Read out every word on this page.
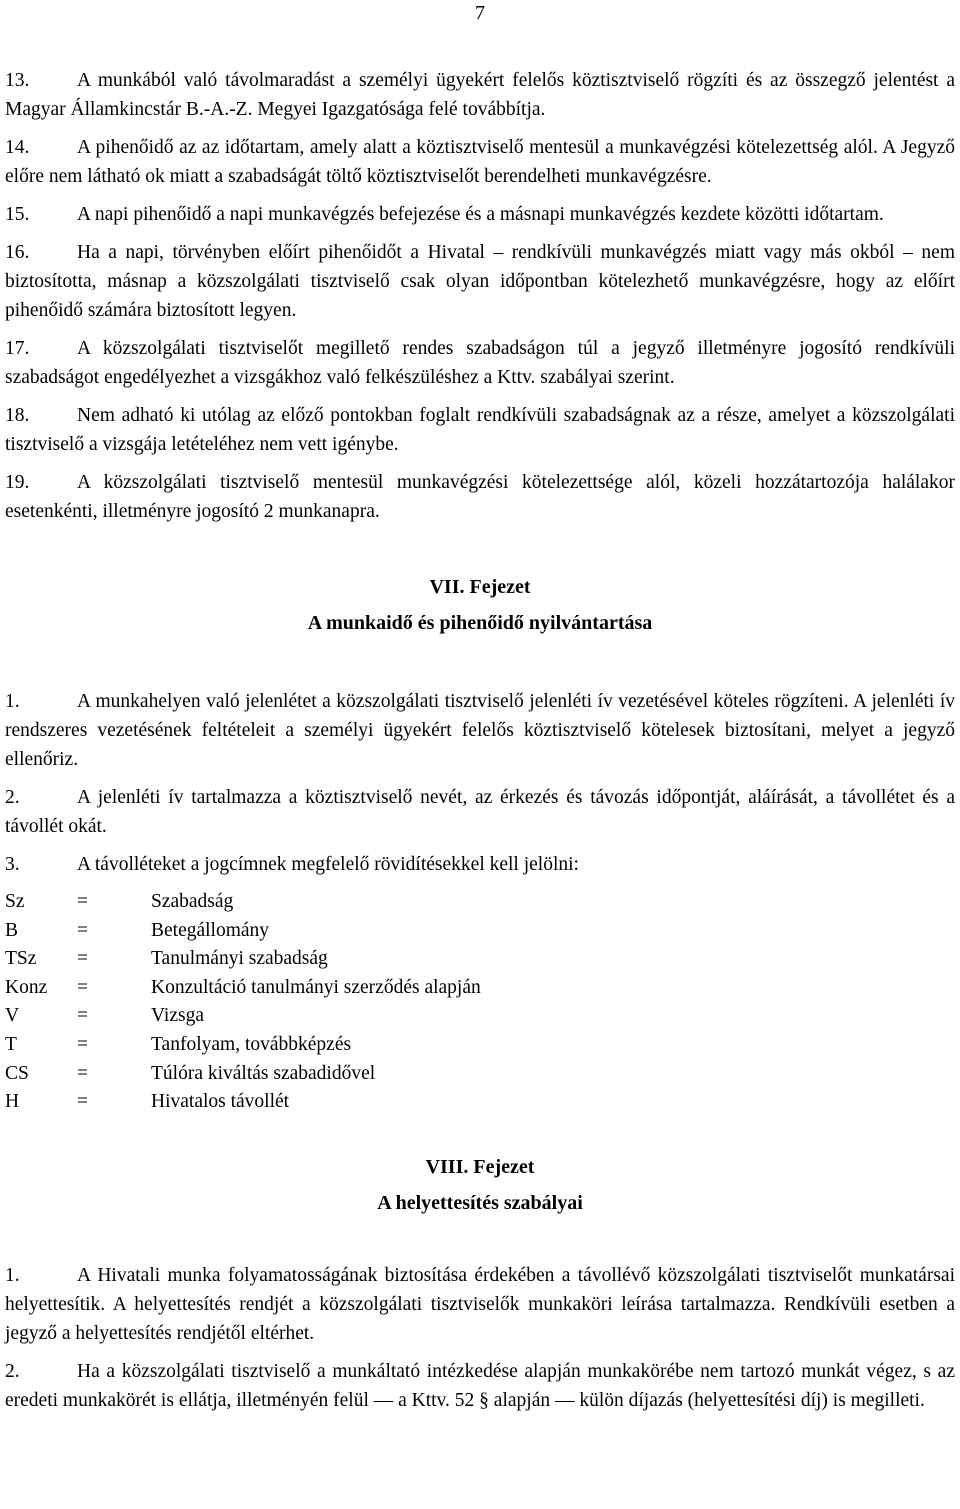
7

13. A munkából való távolmaradást a személyi ügyekért felelős köztisztviselő rögzíti és az összegző jelentést a Magyar Államkincstár B.-A.-Z. Megyei Igazgatósága felé továbbítja.

14. A pihenőidő az az időtartam, amely alatt a köztisztviselő mentesül a munkavégzési kötelezettség alól. A Jegyző előre nem látható ok miatt a szabadságát töltő köztisztviselőt berendelheti munkavégzésre.

15. A napi pihenőidő a napi munkavégzés befejezése és a másnapi munkavégzés kezdete közötti időtartam.

16. Ha a napi, törvényben előírt pihenőidőt a Hivatal – rendkívüli munkavégzés miatt vagy más okból – nem biztosította, másnap a közszolgálati tisztviselő csak olyan időpontban kötelezhető munkavégzésre, hogy az előírt pihenőidő számára biztosított legyen.

17. A közszolgálati tisztviselőt megillető rendes szabadságon túl a jegyző illetményre jogosító rendkívüli szabadságot engedélyezhet a vizsgákhoz való felkészüléshez a Kttv. szabályai szerint.

18. Nem adható ki utólag az előző pontokban foglalt rendkívüli szabadságnak az a része, amelyet a közszolgálati tisztviselő a vizsgája letételéhez nem vett igénybe.

19. A közszolgálati tisztviselő mentesül munkavégzési kötelezettsége alól, közeli hozzátartozója halálakor esetenkénti, illetményre jogosító 2 munkanapra.

VII. Fejezet
A munkaidő és pihenőidő nyilvántartása

1.	A munkahelyen való jelenlétet a közszolgálati tisztviselő jelenléti ív vezetésével köteles rögzíteni. A jelenléti ív rendszeres vezetésének feltételeit a személyi ügyekért felelős köztisztviselő kötelesek biztosítani, melyet a jegyző ellenőriz.

2.	A jelenléti ív tartalmazza a köztisztviselő nevét, az érkezés és távozás időpontját, aláírását, a távollétet és a távollét okát.

3.	A távolléteket a jogcímnek megfelelő rövidítésekkel kell jelölni:

Sz	=	Szabadság
B	=	Betegállomány
TSz	=	Tanulmányi szabadság
Konz	=	Konzultáció tanulmányi szerződés alapján
V	=	Vizsga
T	=	Tanfolyam, továbbképzés
CS	=	Túlóra kiváltás szabadidővel
H	=	Hivatalos távollét
VIII. Fejezet
A helyettesítés szabályai

1.	A Hivatali munka folyamatosságának biztosítása érdekében a távollévő közszolgálati tisztviselőt munkatársai helyettesítik. A helyettesítés rendjét a közszolgálati tisztviselők munkaköri leírása tartalmazza. Rendkívüli esetben a jegyző a helyettesítés rendjétől eltérhet.

2.	Ha a közszolgálati tisztviselő a munkáltató intézkedése alapján munkakörébe nem tartozó munkát végez, s az eredeti munkakörét is ellátja, illetményén felül — a Kttv. 52 § alapján — külön díjazás (helyettesítési díj) is megilleti.
